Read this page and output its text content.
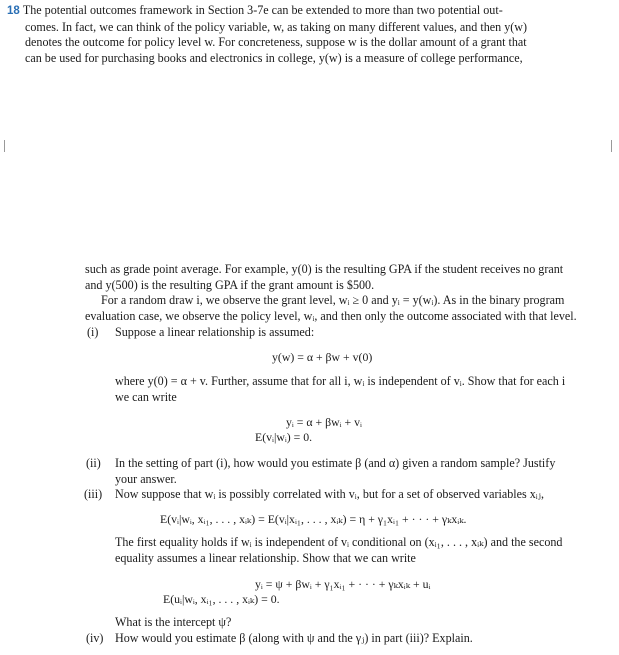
18 The potential outcomes framework in Section 3-7e can be extended to more than two potential out-

comes. In fact, we can think of the policy variable, w, as taking on many different values, and then y(w)

denotes the outcome for policy level w. For concreteness, suppose w is the dollar amount of a grant that

can be used for purchasing books and electronics in college, y(w) is a measure of college performance,

such as grade point average. For example, y(0) is the resulting GPA if the student receives no grant

and y(500) is the resulting GPA if the grant amount is $500.

For a random draw i, we observe the grant level, wᵢ ≥ 0 and yᵢ = y(wᵢ). As in the binary program

evaluation case, we observe the policy level, wᵢ, and then only the outcome associated with that level.

(i) Suppose a linear relationship is assumed:
y(w) = α + βw + v(0)

where y(0) = α + v. Further, assume that for all i, wᵢ is independent of vᵢ. Show that for each i

we can write

yᵢ = α + βwᵢ + vᵢ
E(vᵢ|wᵢ) = 0.
(ii) In the setting of part (i), how would you estimate β (and α) given a random sample? Justify

your answer.

(iii) Now suppose that wᵢ is possibly correlated with vᵢ, but for a set of observed variables xᵢⱼ,
E(vᵢ|wᵢ, xᵢ₁, . . . , xᵢₖ) = E(vᵢ|xᵢ₁, . . . , xᵢₖ) = η + γ₁xᵢ₁ + · · · + γₖxᵢₖ.

The first equality holds if wᵢ is independent of vᵢ conditional on (xᵢ₁, . . . , xᵢₖ) and the second

equality assumes a linear relationship. Show that we can write

yᵢ = ψ + βwᵢ + γ₁xᵢ₁ + · · · + γₖxᵢₖ + uᵢ
E(uᵢ|wᵢ, xᵢ₁, . . . , xᵢₖ) = 0.
What is the intercept ψ?
(iv) How would you estimate β (along with ψ and the γⱼ) in part (iii)? Explain.
